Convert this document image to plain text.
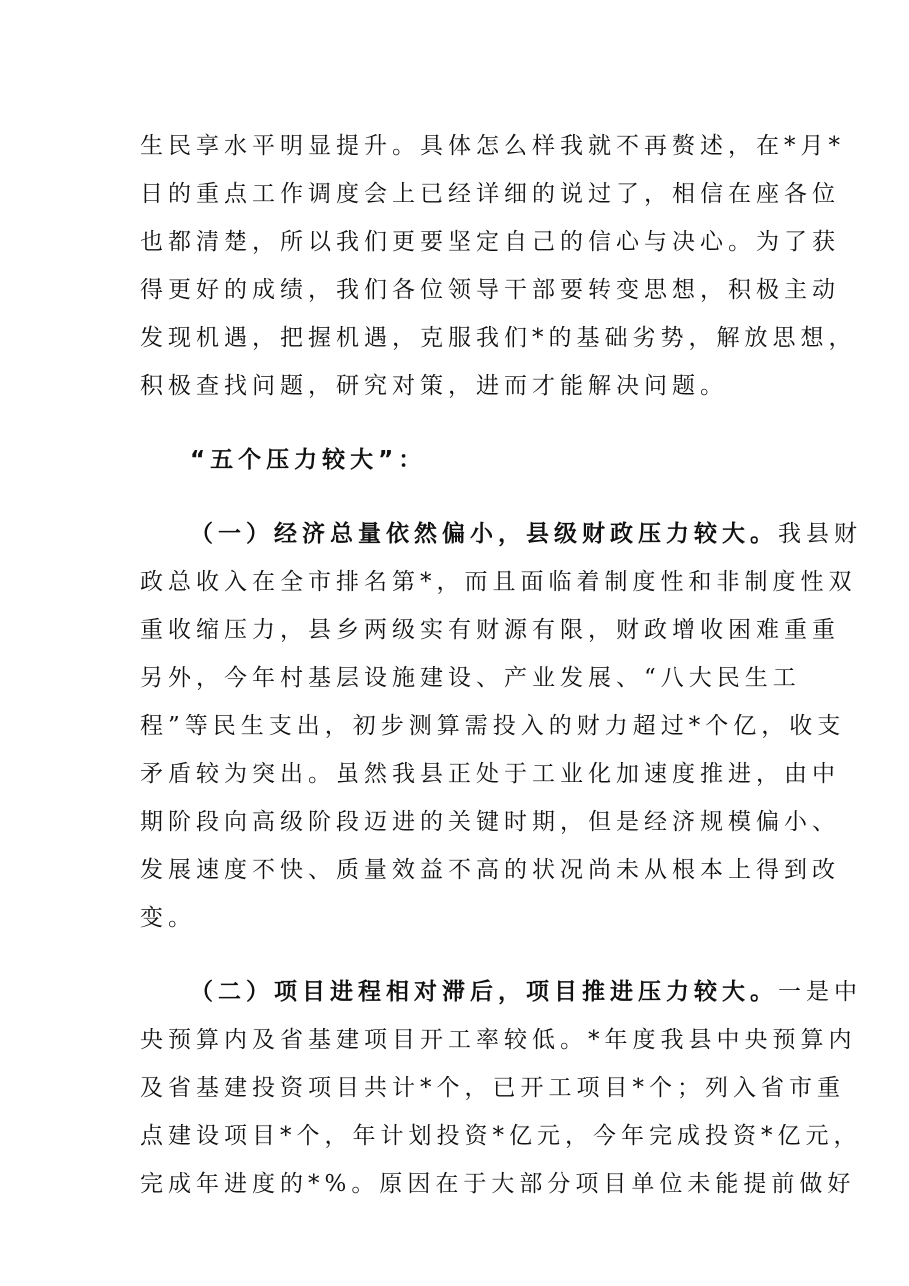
生民享水平明显提升。具体怎么样我就不再赘述，在*月*
日的重点工作调度会上已经详细的说过了，相信在座各位
也都清楚，所以我们更要坚定自己的信心与决心。为了获
得更好的成绩，我们各位领导干部要转变思想，积极主动
发现机遇，把握机遇，克服我们*的基础劣势，解放思想，
积极查找问题，研究对策，进而才能解决问题。
“五个压力较大”：
（一）经济总量依然偏小，县级财政压力较大。我县财
政总收入在全市排名第*，而且面临着制度性和非制度性双
重收缩压力，县乡两级实有财源有限，财政增收困难重重
另外，今年村基层设施建设、产业发展、“八大民生工
程”等民生支出，初步测算需投入的财力超过*个亿，收支
矛盾较为突出。虽然我县正处于工业化加速度推进，由中
期阶段向高级阶段迈进的关键时期，但是经济规模偏小、
发展速度不快、质量效益不高的状况尚未从根本上得到改
变。
（二）项目进程相对滞后，项目推进压力较大。一是中
央预算内及省基建项目开工率较低。*年度我县中央预算内
及省基建投资项目共计*个，已开工项目*个；列入省市重
点建设项目*个，年计划投资*亿元，今年完成投资*亿元，
完成年进度的*%。原因在于大部分项目单位未能提前做好
